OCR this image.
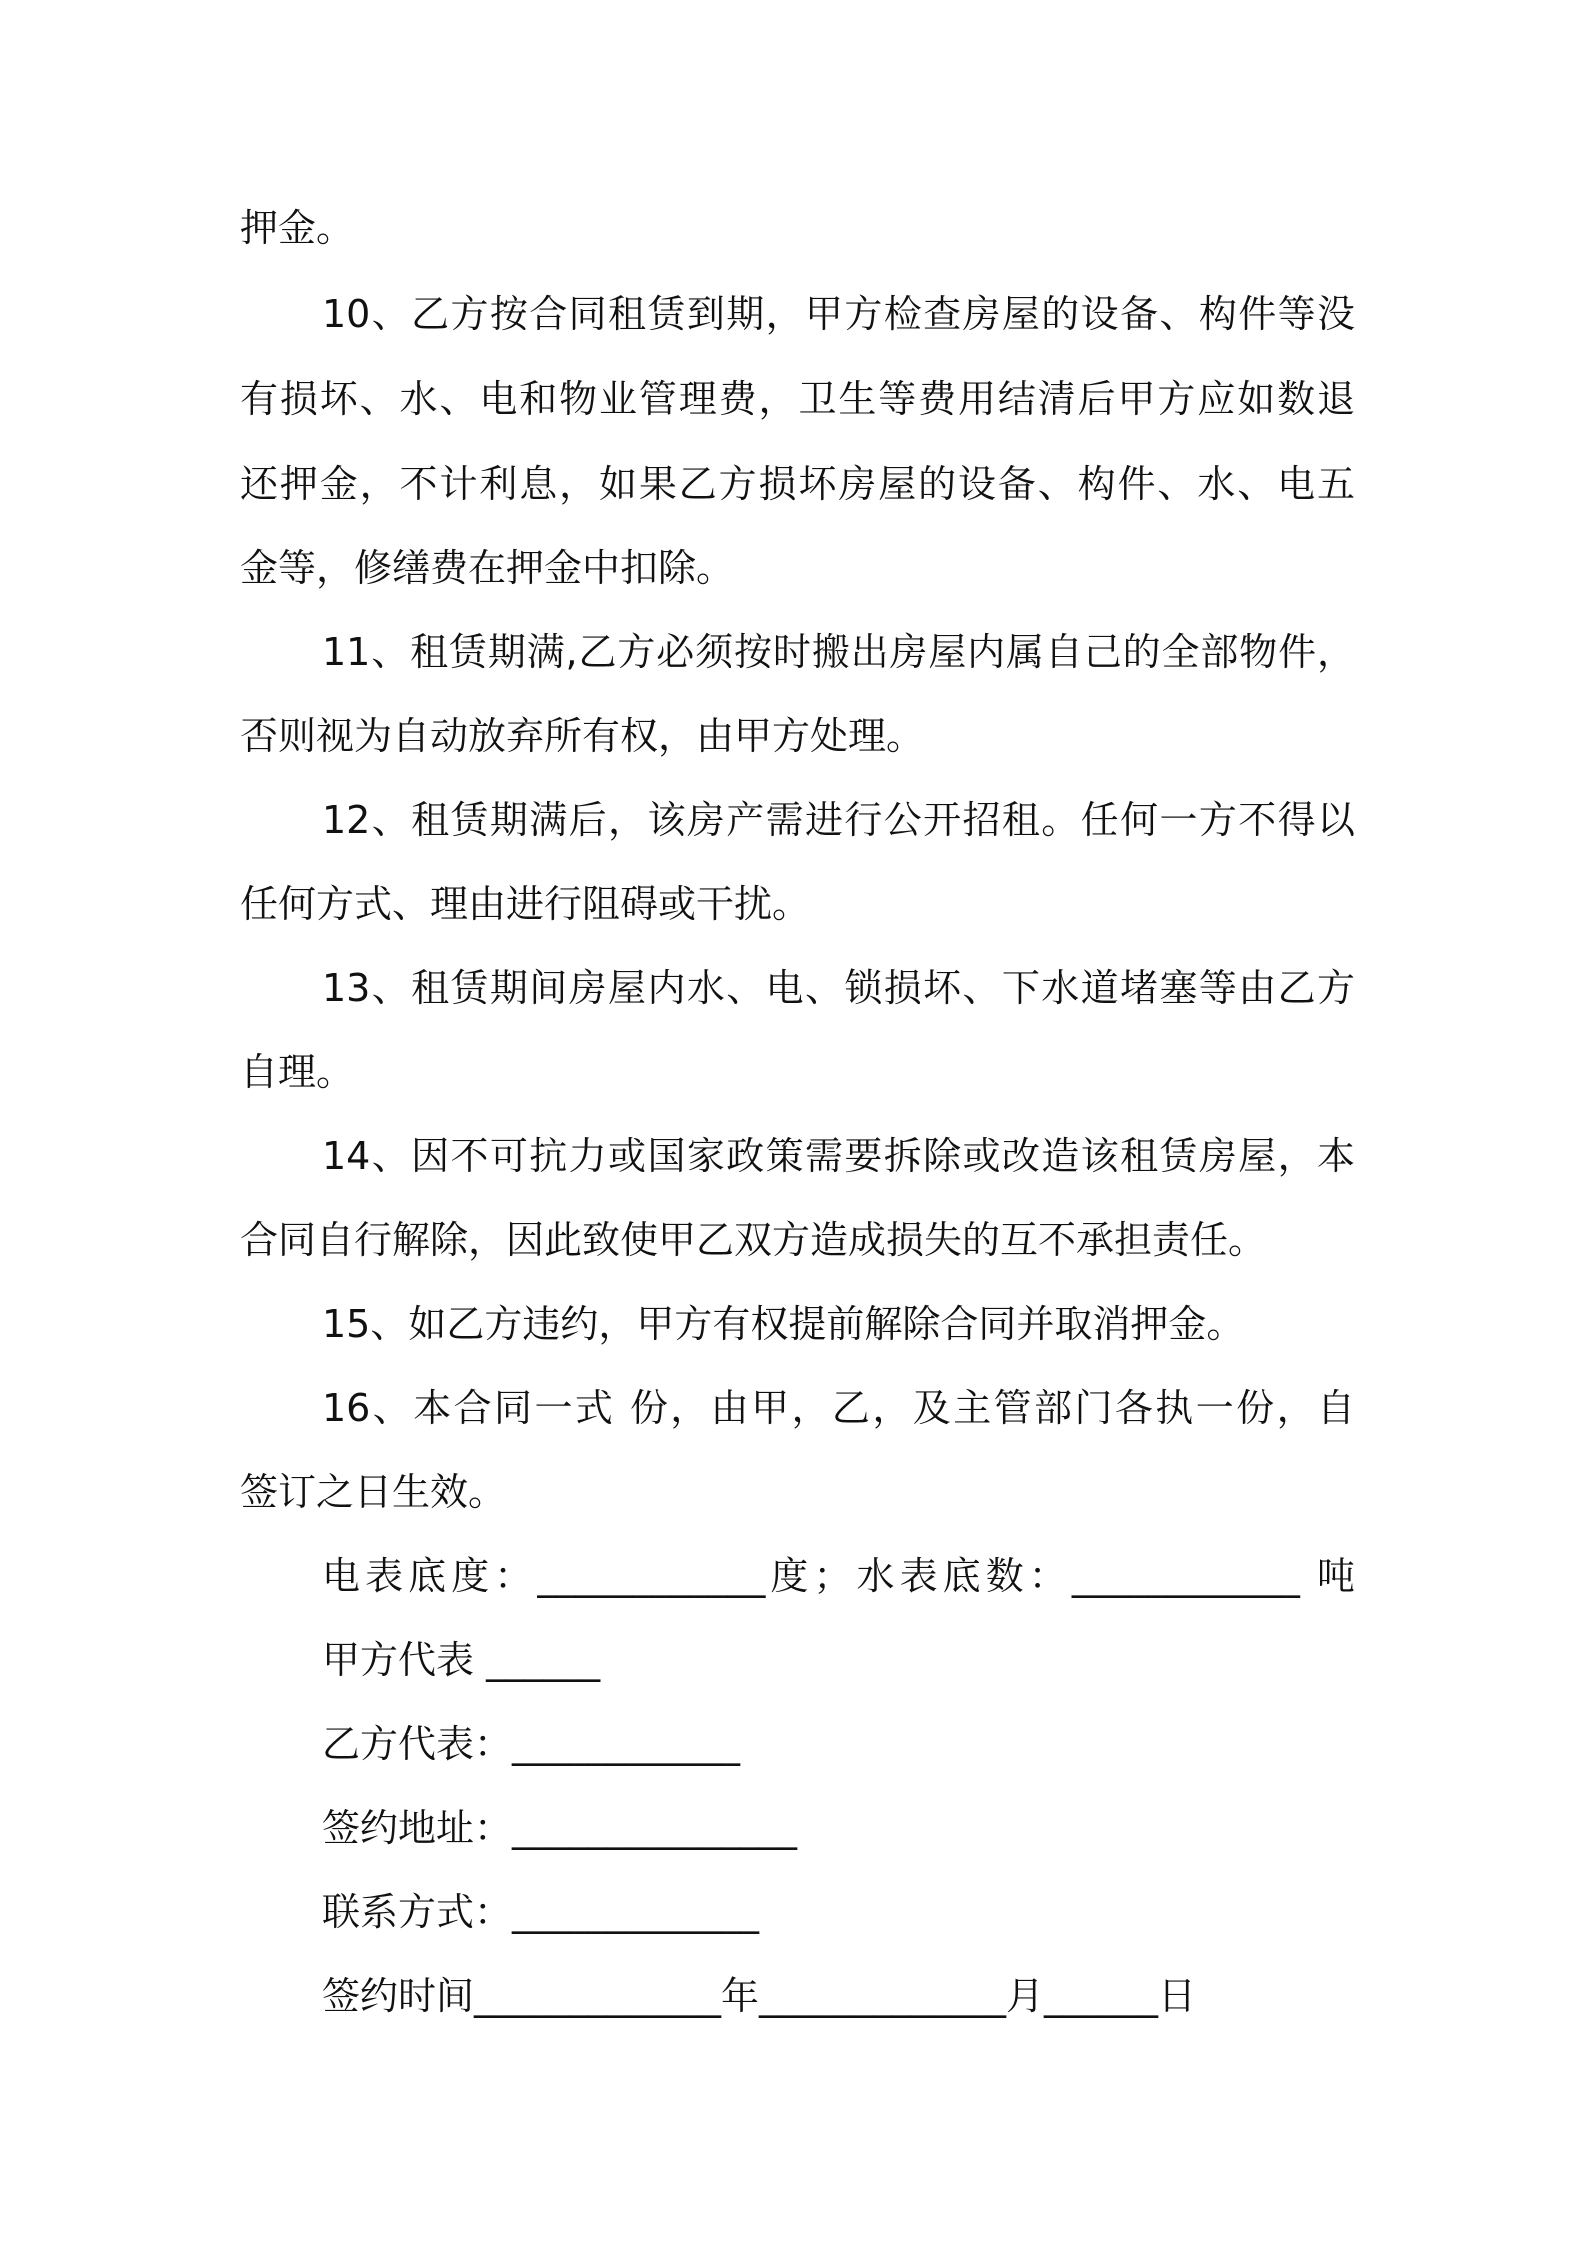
押金。
10、乙方按合同租赁到期，甲方检查房屋的设备、构件等没
有损坏、水、电和物业管理费，卫生等费用结清后甲方应如数退
还押金，不计利息，如果乙方损坏房屋的设备、构件、水、电五
金等，修缮费在押金中扣除。
11、租赁期满,乙方必须按时搬出房屋内属自己的全部物件，
否则视为自动放弃所有权，由甲方处理。
12、租赁期满后，该房产需进行公开招租。任何一方不得以
任何方式、理由进行阻碍或干扰。
13、租赁期间房屋内水、电、锁损坏、下水道堵塞等由乙方
自理。
14、因不可抗力或国家政策需要拆除或改造该租赁房屋，本
合同自行解除，因此致使甲乙双方造成损失的互不承担责任。
15、如乙方违约，甲方有权提前解除合同并取消押金。
16、本合同一式 份，由甲，乙，及主管部门各执一份，自
签订之日生效。
电表底度：____________度；水表底数：____________ 吨
甲方代表 ______
乙方代表：____________
签约地址：_______________
联系方式：_____________
签约时间_____________年_____________月______日
